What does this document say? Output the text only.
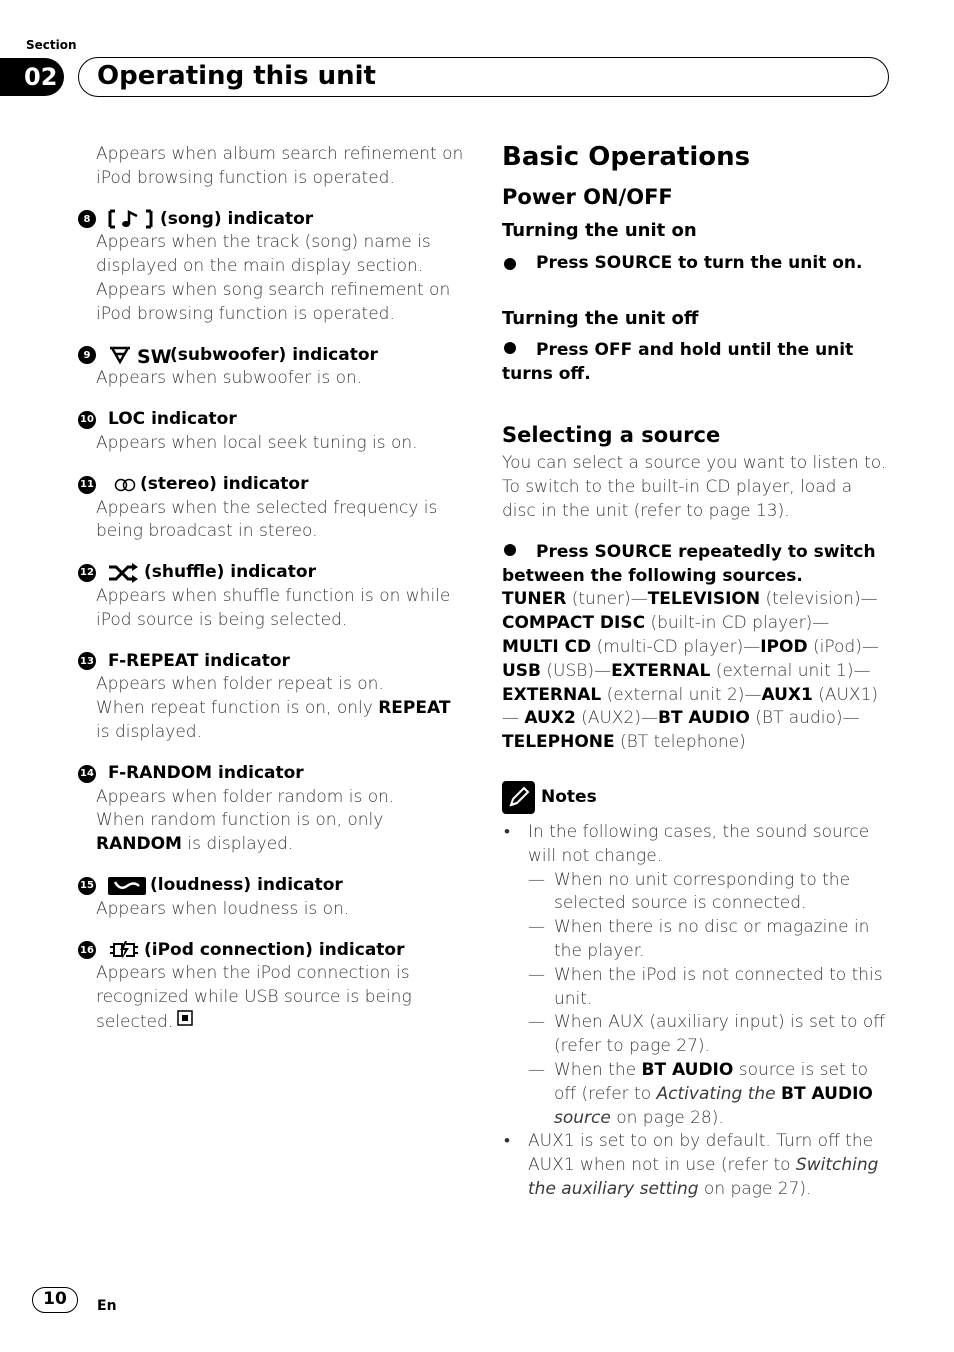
Section
02	Operating this unit
Appears when album search refinement on iPod browsing function is operated.
8	(song) indicator
Appears when the track (song) name is displayed on the main display section.
Appears when song search refinement on iPod browsing function is operated.
9 SW
(subwoofer) indicator
Appears when subwoofer is on.
10 LOC indicator
Appears when local seek tuning is on.
11	(stereo) indicator
Appears when the selected frequency is being broadcast in stereo.
12	(shuffle) indicator
Appears when shuffle function is on while iPod source is being selected.
13 F-REPEAT indicator
Appears when folder repeat is on.
When repeat function is on, only REPEAT is displayed.
14 F-RANDOM indicator
Appears when folder random is on.
When random function is on, only RANDOM is displayed.
15	(loudness) indicator
Appears when loudness is on.
16	(iPod connection) indicator
Appears when the iPod connection is recognized while USB source is being selected.
Basic Operations
Power ON/OFF
Turning the unit on
Press SOURCE to turn the unit on.
Turning the unit off
Press OFF and hold until the unit turns off.
Selecting a source
You can select a source you want to listen to. To switch to the built-in CD player, load a disc in the unit (refer to page 13).
Press SOURCE repeatedly to switch between the following sources.
TUNER (tuner)—TELEVISION (television)— COMPACT DISC (built-in CD player)— MULTI CD (multi-CD player)—IPOD (iPod)— USB (USB)—EXTERNAL (external unit 1)— EXTERNAL (external unit 2)—AUX1 (AUX1)— AUX2 (AUX2)—BT AUDIO (BT audio)— TELEPHONE (BT telephone)
Notes
• In the following cases, the sound source will not change.
— When no unit corresponding to the selected source is connected.
— When there is no disc or magazine in the player.
— When the iPod is not connected to this unit.
— When AUX (auxiliary input) is set to off (refer to page 27).
— When the BT AUDIO source is set to off (refer to Activating the BT AUDIO source on page 28).
• AUX1 is set to on by default. Turn off the AUX1 when not in use (refer to Switching the auxiliary setting on page 27).
10	En
